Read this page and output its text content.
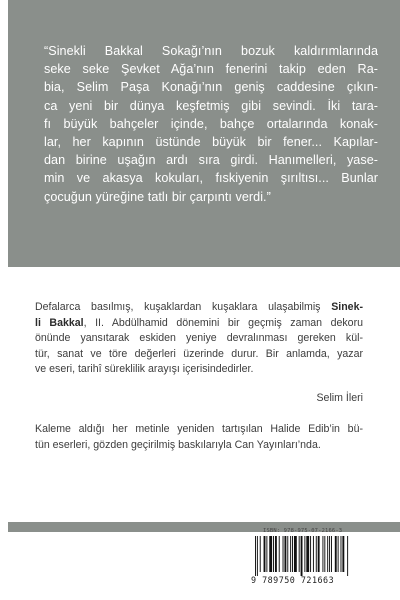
“Sinekli Bakkal Sokağı’nın bozuk kaldırımlarında
seke seke Şevket Ağa’nın fenerini takip eden Ra-
bia, Selim Paşa Konağı’nın geniş caddesine çıkın-
ca yeni bir dünya keşfetmiş gibi sevindi. İki tara-
fı büyük bahçeler içinde, bahçe ortalarında konak-
lar, her kapının üstünde büyük bir fener... Kapılar-
dan birine uşağın ardı sıra girdi. Hanımelleri, yase-
min ve akasya kokuları, fıskiyenin şırıltısı... Bunlar
çocuğun yüreğine tatlı bir çarpıntı verdi.”

Defalarca basılmış, kuşaklardan kuşaklara ulaşabilmiş Sinek-
li Bakkal, II. Abdülhamid dönemini bir geçmiş zaman dekoru
önünde yansıtarak eskiden yeniye devralınması gereken kül-
tür, sanat ve töre değerleri üzerinde durur. Bir anlamda, yazar
ve eseri, tarihî süreklilik arayışı içerisindedirler.
Selim İleri
Kaleme aldığı her metinle yeniden tartışılan Halide Edib’in bü-
tün eserleri, gözden geçirilmiş baskılarıyla Can Yayınları’nda.
ISBN: 978-975-07-2166-3
9 789750 721663
